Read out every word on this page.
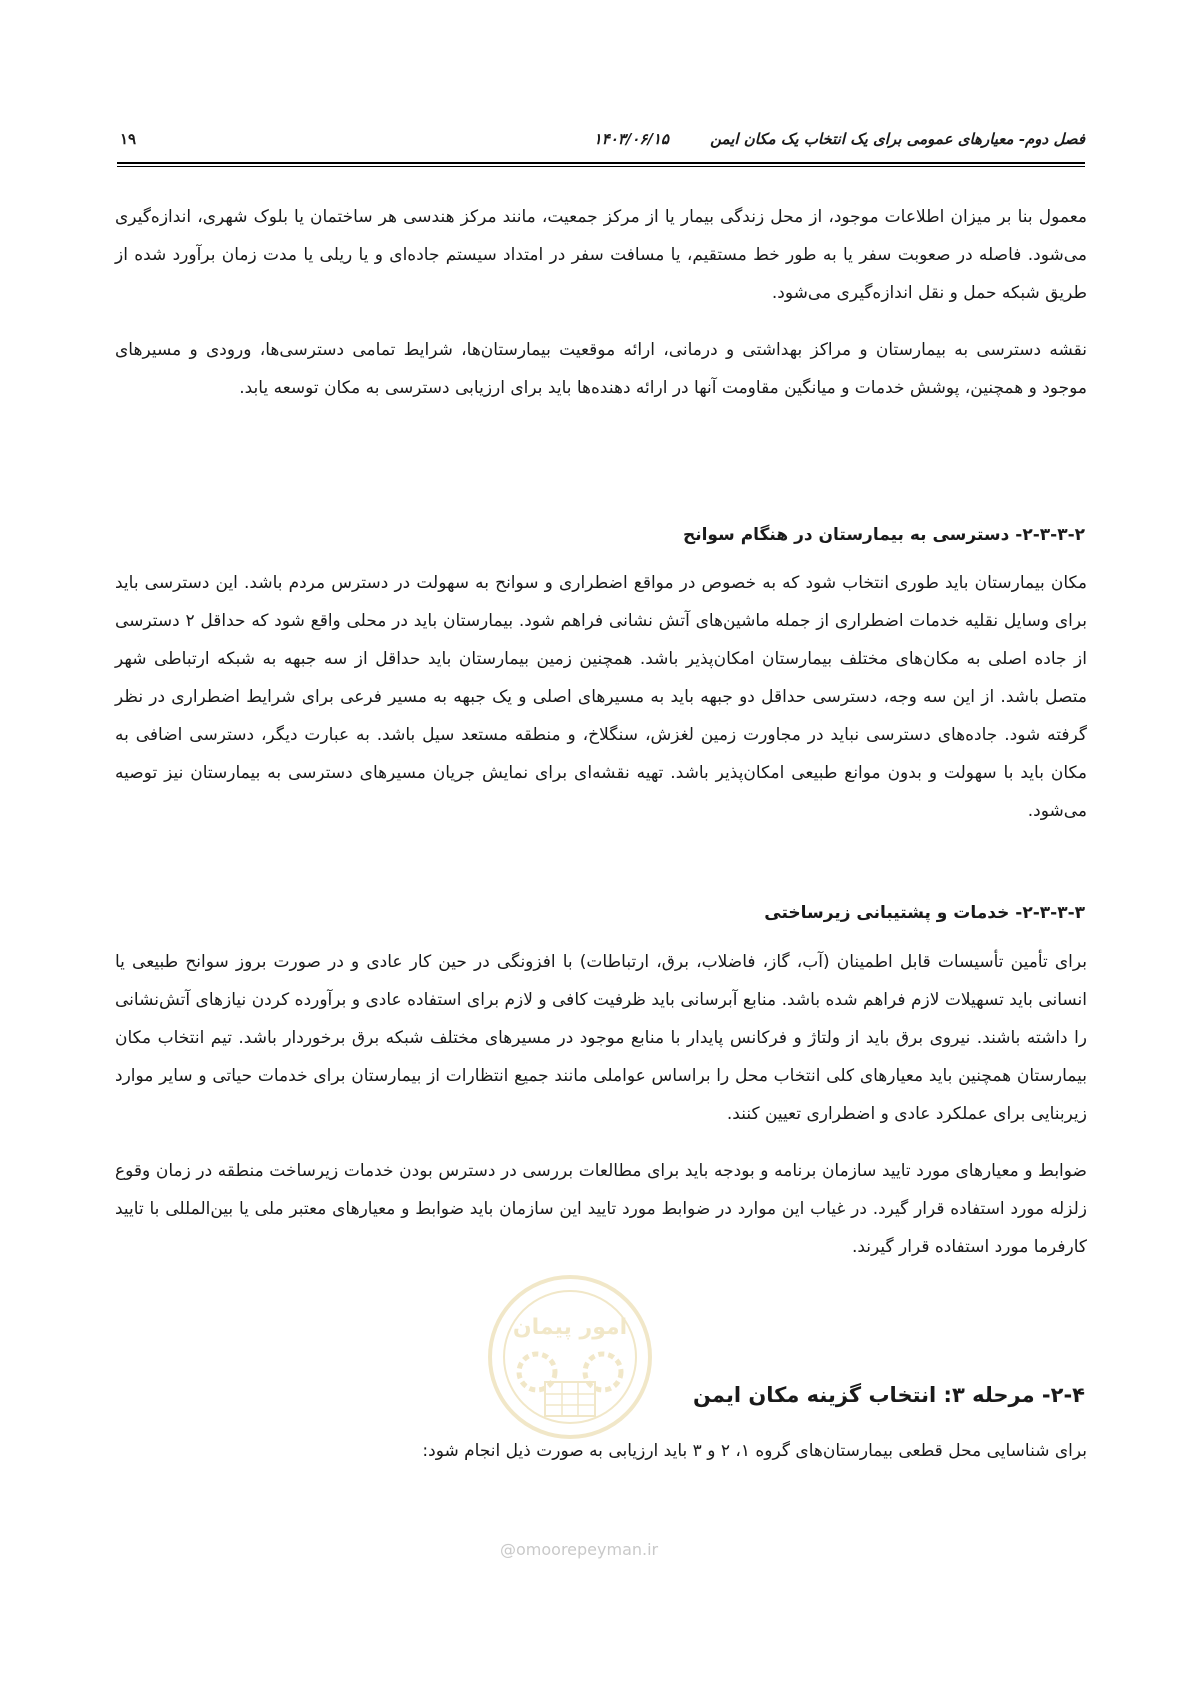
فصل دوم- معیارهای عمومی برای یک انتخاب یک مکان ایمن
۱۴۰۳/۰۶/۱۵
۱۹

معمول بنا بر میزان اطلاعات موجود، از محل زندگی بیمار یا از مرکز جمعیت، مانند مرکز هندسی هر ساختمان یا بلوک شهری، اندازه‌گیری می‌شود. فاصله در صعوبت سفر یا به طور خط مستقیم، یا مسافت سفر در امتداد سیستم جاده‌ای و یا ریلی یا مدت زمان برآورد شده از طریق شبکه حمل و نقل اندازه‌گیری می‌شود.

نقشه دسترسی به بیمارستان و مراکز بهداشتی و درمانی، ارائه موقعیت بیمارستان‌ها، شرایط تمامی دسترسی‌ها، ورودی و مسیرهای موجود و همچنین، پوشش خدمات و میانگین مقاومت آنها در ارائه دهنده‌ها باید برای ارزیابی دسترسی به مکان توسعه یابد.

۲-۳-۳-۲- دسترسی به بیمارستان در هنگام سوانح

مکان بیمارستان باید طوری انتخاب شود که به خصوص در مواقع اضطراری و سوانح به سهولت در دسترس مردم باشد. این دسترسی باید برای وسایل نقلیه خدمات اضطراری از جمله ماشین‌های آتش نشانی فراهم شود. بیمارستان باید در محلی واقع شود که حداقل ۲ دسترسی از جاده اصلی به مکان‌های مختلف بیمارستان امکان‌پذیر باشد. همچنین زمین بیمارستان باید حداقل از سه جبهه به شبکه ارتباطی شهر متصل باشد. از این سه وجه، دسترسی حداقل دو جبهه باید به مسیرهای اصلی و یک جبهه به مسیر فرعی برای شرایط اضطراری در نظر گرفته شود. جاده‌های دسترسی نباید در مجاورت زمین لغزش، سنگلاخ، و منطقه مستعد سیل باشد. به عبارت دیگر، دسترسی اضافی به مکان باید با سهولت و بدون موانع طبیعی امکان‌پذیر باشد. تهیه نقشه‌ای برای نمایش جریان مسیرهای دسترسی به بیمارستان نیز توصیه می‌شود.

۲-۳-۳-۳- خدمات و پشتیبانی زیرساختی

برای تأمین تأسیسات قابل اطمینان (آب، گاز، فاضلاب، برق، ارتباطات) با افزونگی در حین کار عادی و در صورت بروز سوانح طبیعی یا انسانی باید تسهیلات لازم فراهم شده باشد. منابع آبرسانی باید ظرفیت کافی و لازم برای استفاده عادی و برآورده کردن نیازهای آتش‌نشانی را داشته باشند. نیروی برق باید از ولتاژ و فرکانس پایدار با منابع موجود در مسیرهای مختلف شبکه برق برخوردار باشد. تیم انتخاب مکان بیمارستان همچنین باید معیارهای کلی انتخاب محل را براساس عواملی مانند جمیع انتظارات از بیمارستان برای خدمات حیاتی و سایر موارد زیربنایی برای عملکرد عادی و اضطراری تعیین کنند.

ضوابط و معیارهای مورد تایید سازمان برنامه و بودجه باید برای مطالعات بررسی در دسترس بودن خدمات زیرساخت منطقه در زمان وقوع زلزله مورد استفاده قرار گیرد. در غیاب این موارد در ضوابط مورد تایید این سازمان باید ضوابط و معیارهای معتبر ملی یا بین‌المللی با تایید کارفرما مورد استفاده قرار گیرند.

امور پیمان
۲-۴- مرحله ۳: انتخاب گزینه مکان ایمن

برای شناسایی محل قطعی بیمارستان‌های گروه ۱، ۲ و ۳ باید ارزیابی به صورت ذیل انجام شود:

@omoorepeyman.ir
